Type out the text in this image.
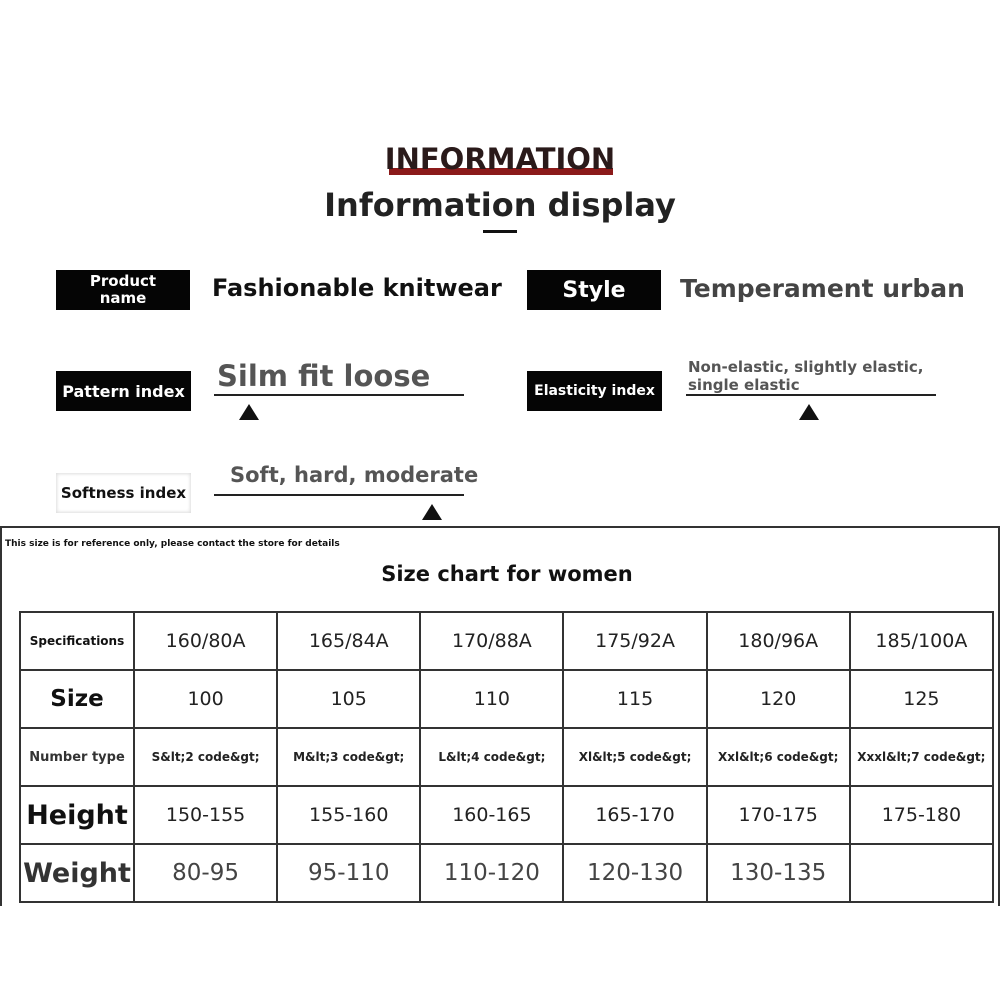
INFORMATION
Information display
Product name	Fashionable knitwear	Style Temperament urban
Pattern index Silm fit loose	Elasticity index
Non-elastic, slightly elastic,
single elastic
Softness index
Soft, hard, moderate
This size is for reference only, please contact the store for details
Size chart for women
Specifications	160/80A	165/84A	170/88A	175/92A	180/96A	185/100A
Size	100	105	110	115	120	125
Number type	S&lt;2 code&gt;	M&lt;3 code&gt;	L&lt;4 code&gt;	Xl&lt;5 code&gt;	Xxl&lt;6 code&gt;	Xxxl&lt;7 code&gt;
Height	150-155	155-160	160-165	165-170	170-175	175-180
Weight	80-95	95-110	110-120	120-130	130-135	
